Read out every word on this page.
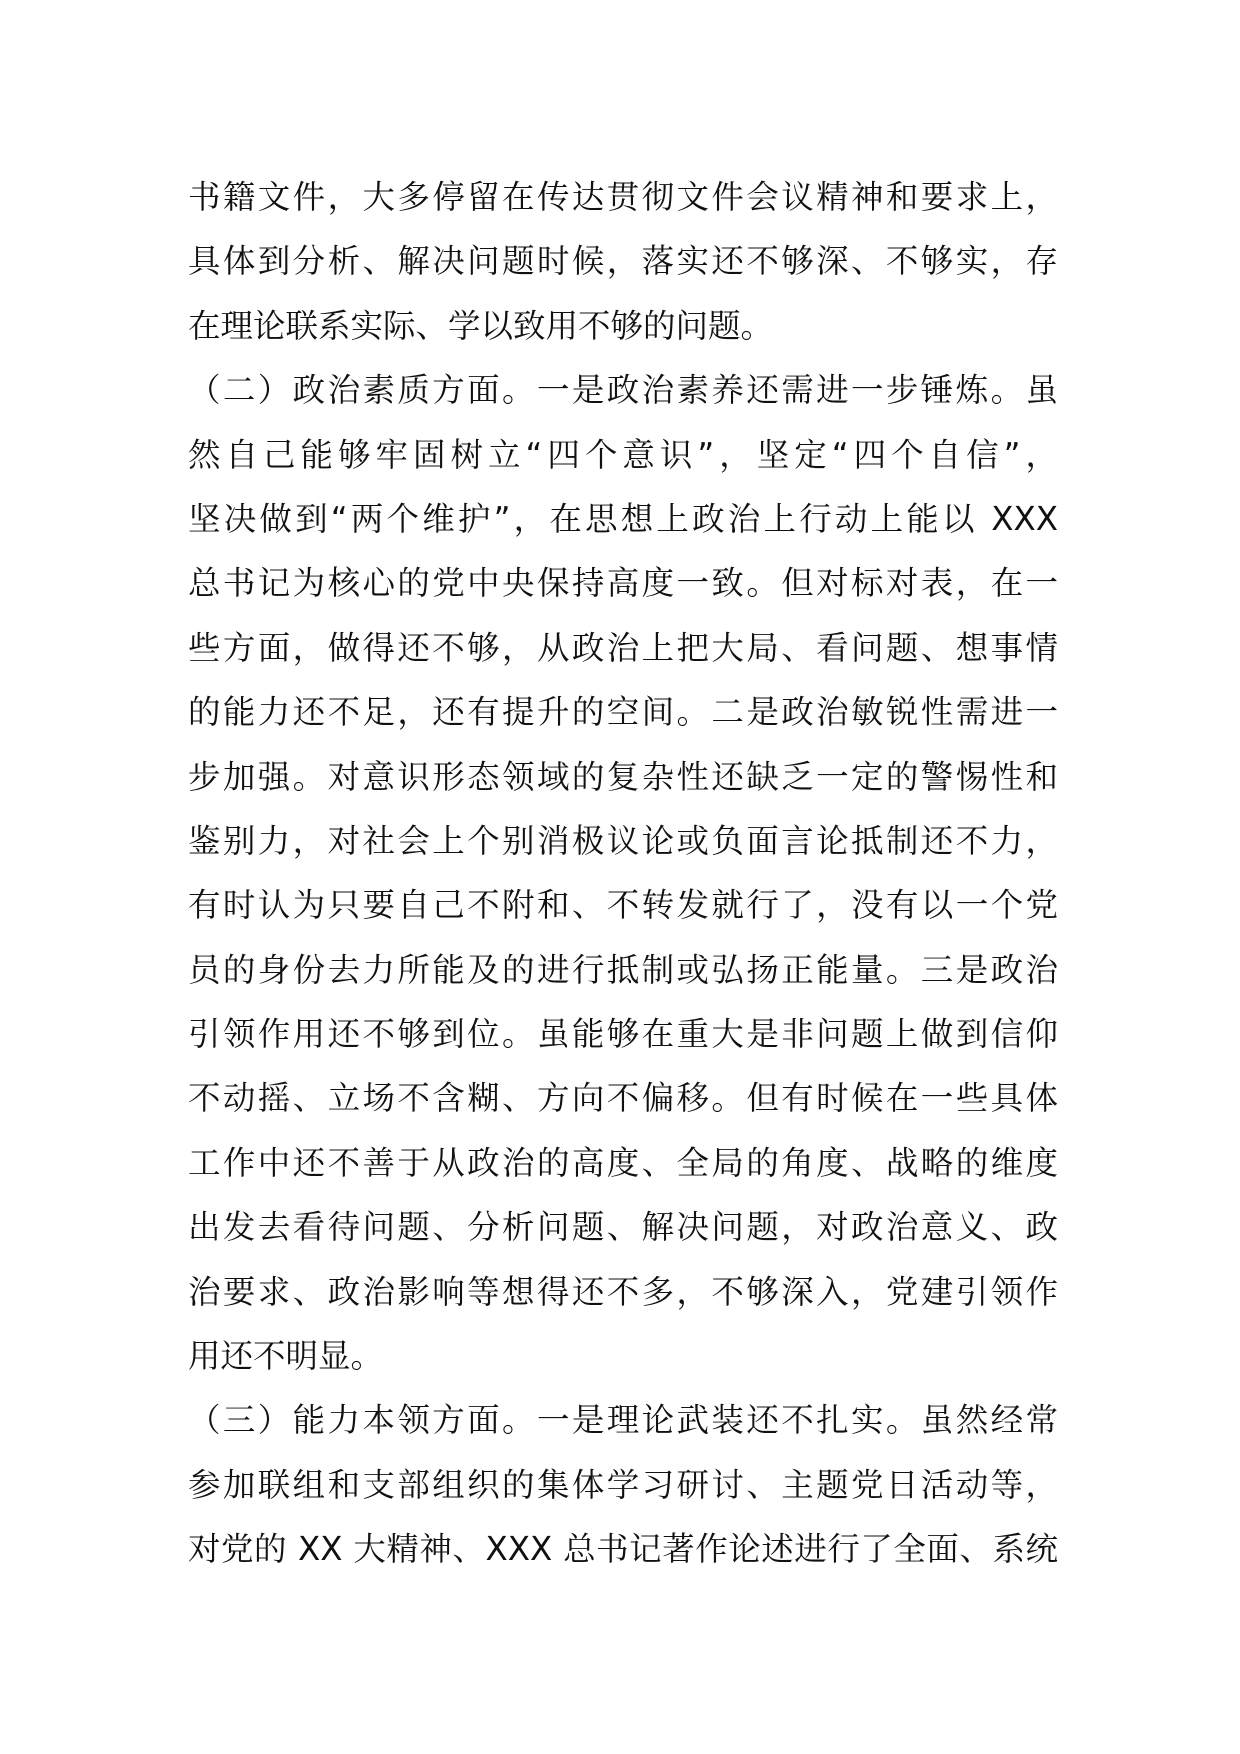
书籍文件，大多停留在传达贯彻文件会议精神和要求上，
具体到分析、解决问题时候，落实还不够深、不够实，存
在理论联系实际、学以致用不够的问题。
（二）政治素质方面。一是政治素养还需进一步锤炼。虽
然自己能够牢固树立“四个意识”，坚定“四个自信”，
坚决做到“两个维护”，在思想上政治上行动上能以 XXX
总书记为核心的党中央保持高度一致。但对标对表，在一
些方面，做得还不够，从政治上把大局、看问题、想事情
的能力还不足，还有提升的空间。二是政治敏锐性需进一
步加强。对意识形态领域的复杂性还缺乏一定的警惕性和
鉴别力，对社会上个别消极议论或负面言论抵制还不力，
有时认为只要自己不附和、不转发就行了，没有以一个党
员的身份去力所能及的进行抵制或弘扬正能量。三是政治
引领作用还不够到位。虽能够在重大是非问题上做到信仰
不动摇、立场不含糊、方向不偏移。但有时候在一些具体
工作中还不善于从政治的高度、全局的角度、战略的维度
出发去看待问题、分析问题、解决问题，对政治意义、政
治要求、政治影响等想得还不多，不够深入，党建引领作
用还不明显。
（三）能力本领方面。一是理论武装还不扎实。虽然经常
参加联组和支部组织的集体学习研讨、主题党日活动等，
对党的 XX 大精神、XXX 总书记著作论述进行了全面、系统
